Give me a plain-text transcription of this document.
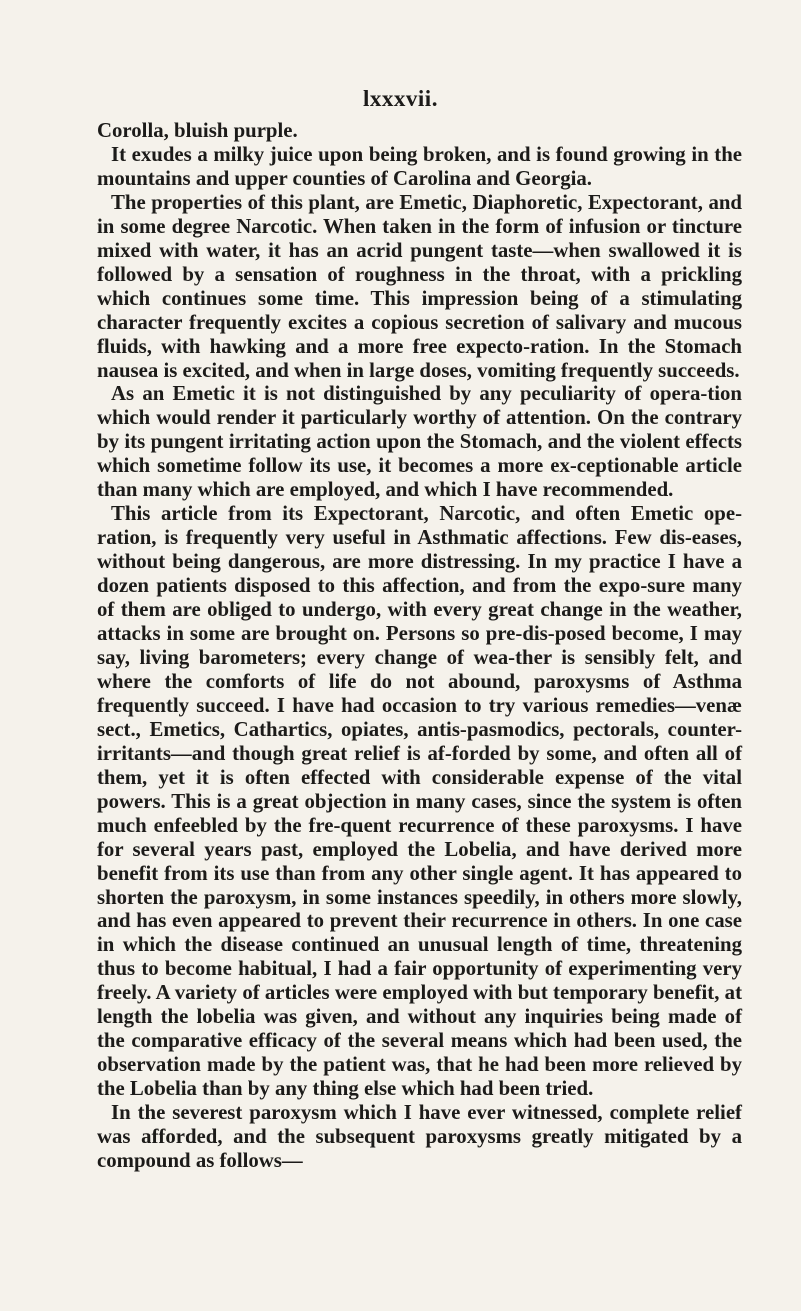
lxxxvii.

Corolla, bluish purple.

It exudes a milky juice upon being broken, and is found growing in the mountains and upper counties of Carolina and Georgia.

The properties of this plant, are Emetic, Diaphoretic, Expectorant, and in some degree Narcotic. When taken in the form of infusion or tincture mixed with water, it has an acrid pungent taste—when swallowed it is followed by a sensation of roughness in the throat, with a prickling which continues some time. This impression being of a stimulating character frequently excites a copious secretion of salivary and mucous fluids, with hawking and a more free expecto-ration. In the Stomach nausea is excited, and when in large doses, vomiting frequently succeeds.

As an Emetic it is not distinguished by any peculiarity of opera-tion which would render it particularly worthy of attention. On the contrary by its pungent irritating action upon the Stomach, and the violent effects which sometime follow its use, it becomes a more ex-ceptionable article than many which are employed, and which I have recommended.

This article from its Expectorant, Narcotic, and often Emetic ope-ration, is frequently very useful in Asthmatic affections. Few dis-eases, without being dangerous, are more distressing. In my practice I have a dozen patients disposed to this affection, and from the expo-sure many of them are obliged to undergo, with every great change in the weather, attacks in some are brought on. Persons so pre-dis-posed become, I may say, living barometers; every change of wea-ther is sensibly felt, and where the comforts of life do not abound, paroxysms of Asthma frequently succeed. I have had occasion to try various remedies—venæ sect., Emetics, Cathartics, opiates, antis-pasmodics, pectorals, counter-irritants—and though great relief is af-forded by some, and often all of them, yet it is often effected with considerable expense of the vital powers. This is a great objection in many cases, since the system is often much enfeebled by the fre-quent recurrence of these paroxysms. I have for several years past, employed the Lobelia, and have derived more benefit from its use than from any other single agent. It has appeared to shorten the paroxysm, in some instances speedily, in others more slowly, and has even appeared to prevent their recurrence in others. In one case in which the disease continued an unusual length of time, threatening thus to become habitual, I had a fair opportunity of experimenting very freely. A variety of articles were employed with but temporary benefit, at length the lobelia was given, and without any inquiries being made of the comparative efficacy of the several means which had been used, the observation made by the patient was, that he had been more relieved by the Lobelia than by any thing else which had been tried.

In the severest paroxysm which I have ever witnessed, complete relief was afforded, and the subsequent paroxysms greatly mitigated by a compound as follows—
